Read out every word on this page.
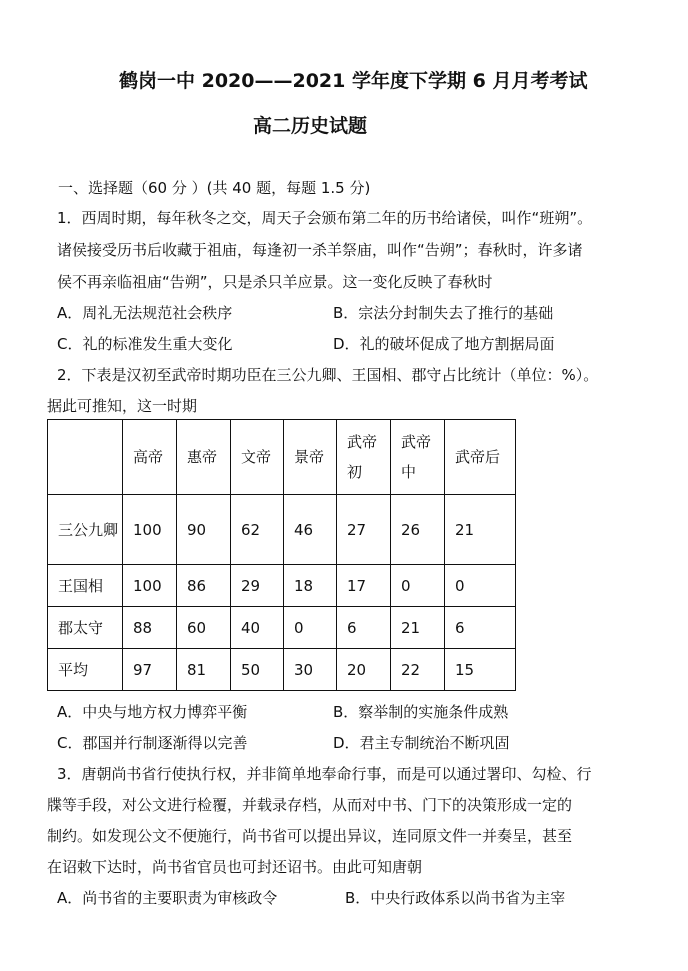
鹤岗一中 2020——2021 学年度下学期 6 月月考考试
高二历史试题
一、选择题（60 分 ）(共 40 题，每题 1.5 分)
1．西周时期，每年秋冬之交，周天子会颁布第二年的历书给诸侯，叫作“班朔”。
诸侯接受历书后收藏于祖庙，每逢初一杀羊祭庙，叫作“告朔”；春秋时，许多诸
侯不再亲临祖庙“告朔”，只是杀只羊应景。这一变化反映了春秋时
A．周礼无法规范社会秩序	B．宗法分封制失去了推行的基础
C．礼的标准发生重大变化	D．礼的破坏促成了地方割据局面
2．下表是汉初至武帝时期功臣在三公九卿、王国相、郡守占比统计（单位：%）。
据此可推知，这一时期
	高帝	惠帝	文帝	景帝	武帝初	武帝中	武帝后
三公九卿	100	90	62	46	27	26	21
王国相	100	86	29	18	17	0	0
郡太守	88	60	40	0	6	21	6
平均	97	81	50	30	20	22	15
A．中央与地方权力博弈平衡	B．察举制的实施条件成熟
C．郡国并行制逐渐得以完善	D．君主专制统治不断巩固
3．唐朝尚书省行使执行权，并非简单地奉命行事，而是可以通过署印、勾检、行
牒等手段，对公文进行检覆，并载录存档，从而对中书、门下的决策形成一定的
制约。如发现公文不便施行，尚书省可以提出异议，连同原文件一并奏呈，甚至
在诏敕下达时，尚书省官员也可封还诏书。由此可知唐朝
A．尚书省的主要职责为审核政令	B．中央行政体系以尚书省为主宰
